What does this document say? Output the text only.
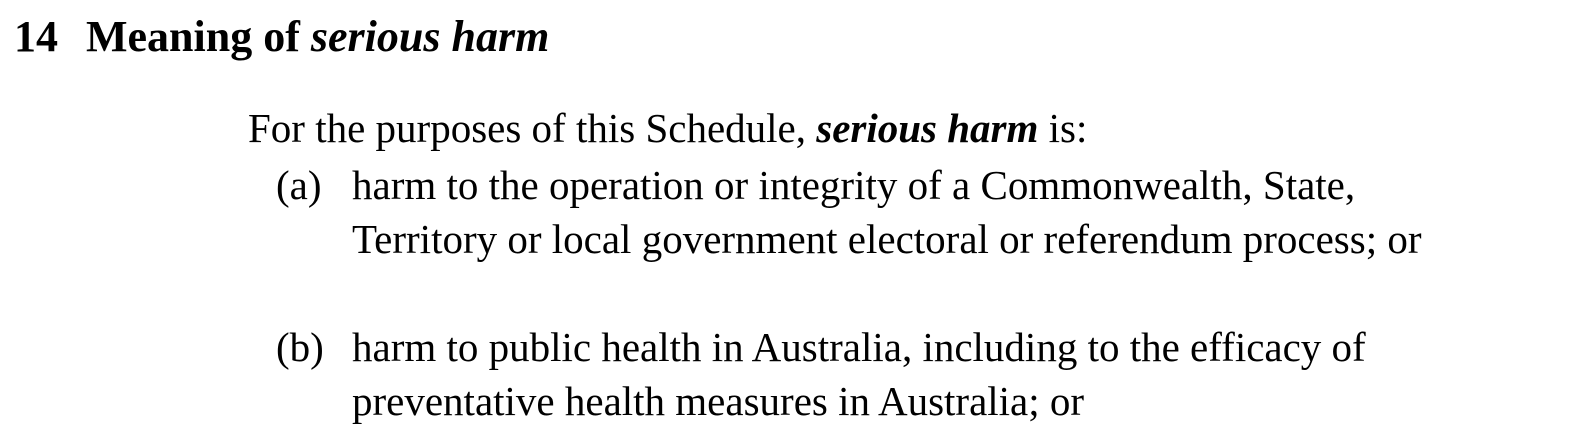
14 Meaning of serious harm

For the purposes of this Schedule, serious harm is:

(a) harm to the operation or integrity of a Commonwealth, State, Territory or local government electoral or referendum process; or
(b) harm to public health in Australia, including to the efficacy of preventative health measures in Australia; or
